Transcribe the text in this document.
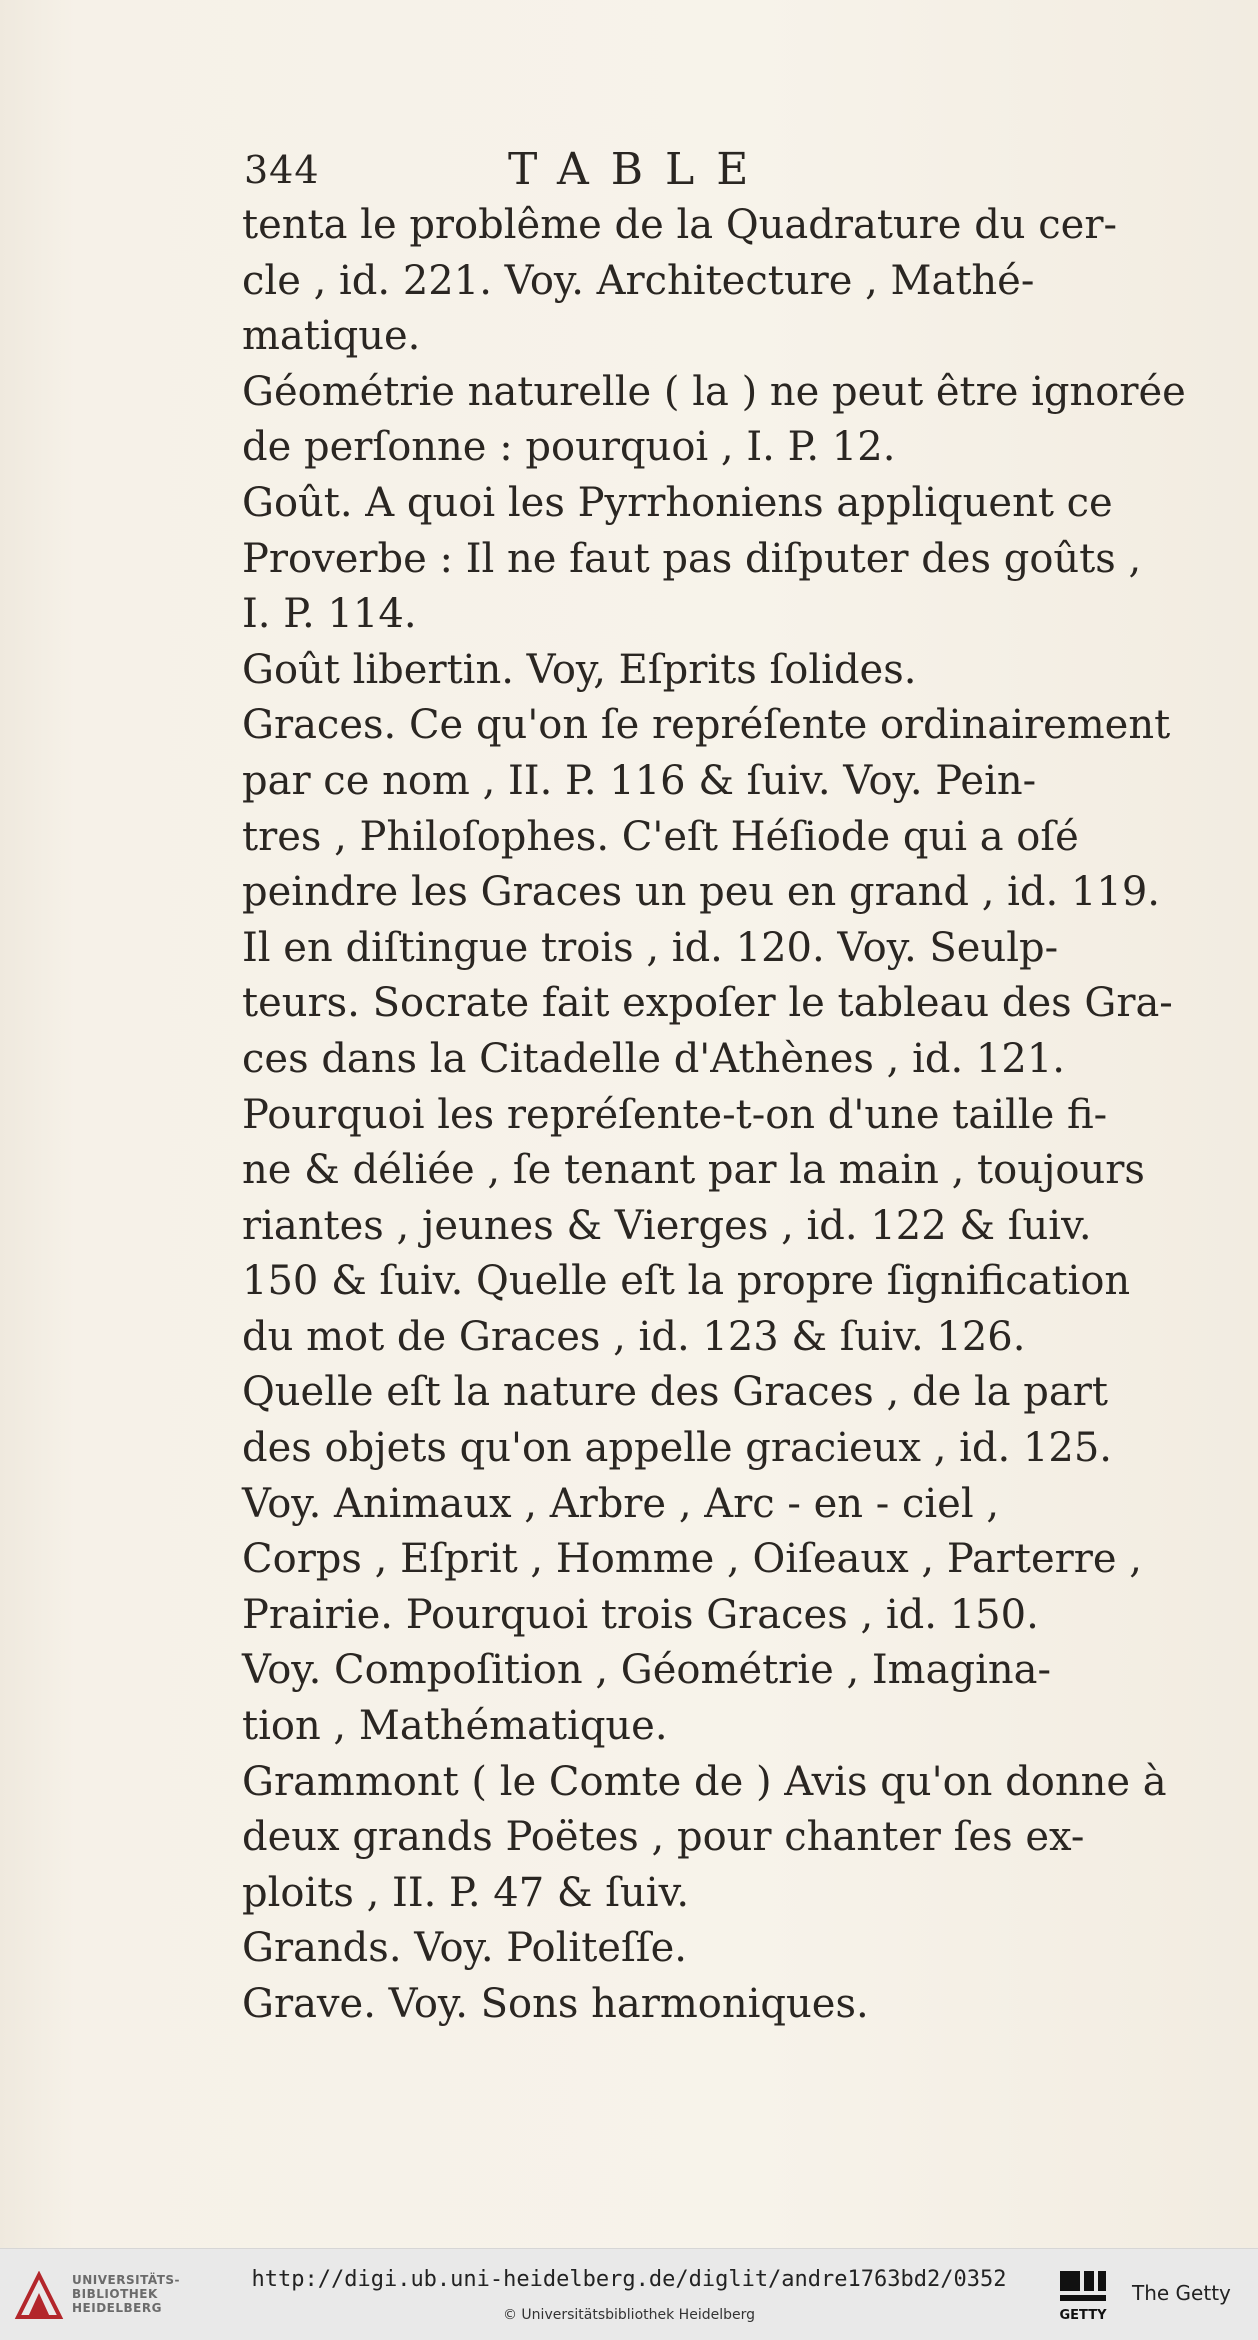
344	TABLE

tenta le problême de la Quadrature du cer-
cle , id. 221. Voy. Architecture , Mathé-
matique.

Géométrie naturelle ( la ) ne peut être ignorée
de perſonne : pourquoi , I. P. 12.

Goût. A quoi les Pyrrhoniens appliquent ce
Proverbe : Il ne faut pas diſputer des goûts ,
I. P. 114.

Goût libertin. Voy, Eſprits ſolides.

Graces. Ce qu'on ſe repréſente ordinairement
par ce nom , II. P. 116 & ſuiv. Voy. Pein-
tres , Philoſophes. C'eſt Héſiode qui a oſé
peindre les Graces un peu en grand , id. 119.
Il en diſtingue trois , id. 120. Voy. Seulp-
teurs. Socrate fait expoſer le tableau des Gra-
ces dans la Citadelle d'Athènes , id. 121.
Pourquoi les repréſente-t-on d'une taille fi-
ne & déliée , ſe tenant par la main , toujours
riantes , jeunes & Vierges , id. 122 & ſuiv.
150 & ſuiv. Quelle eſt la propre ſignification
du mot de Graces , id. 123 & ſuiv. 126.
Quelle eſt la nature des Graces , de la part
des objets qu'on appelle gracieux , id. 125.
Voy. Animaux , Arbre , Arc - en - ciel ,
Corps , Eſprit , Homme , Oiſeaux , Parterre ,
Prairie. Pourquoi trois Graces , id. 150.
Voy. Compoſition , Géométrie , Imagina-
tion , Mathématique.

Grammont ( le Comte de ) Avis qu'on donne à
deux grands Poëtes , pour chanter ſes ex-
ploits , II. P. 47 & ſuiv.

Grands. Voy. Politeſſe.

Grave. Voy. Sons harmoniques.

UNIVERSITÄTS-
BIBLIOTHEK
HEIDELBERG
http://digi.ub.uni-heidelberg.de/diglit/andre1763bd2/0352
© Universitätsbibliothek Heidelberg	GETTY
The Getty
